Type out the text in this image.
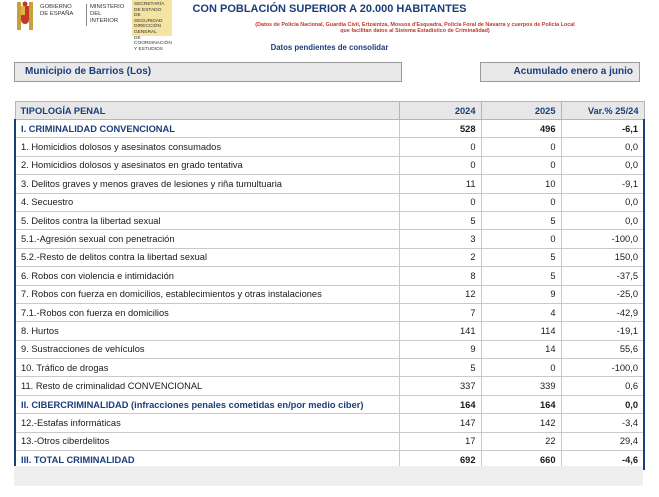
GOBIERNO
DE ESPAÑA
MINISTERIO
DEL INTERIOR
SECRETARÍA
DE ESTADO
DE SEGURIDAD
DIRECCIÓN GENERAL
DE COORDINACIÓN
Y ESTUDIOS
CON POBLACIÓN SUPERIOR A 20.000 HABITANTES
(Datos de Policía Nacional, Guardia Civil, Ertzaintza, Mossos d'Esquadra, Policía Foral de Navarra y cuerpos de Policía Local
que facilitan datos al Sistema Estadístico de Criminalidad)
Datos pendientes de consolidar
Municipio de Barrios (Los)	Acumulado enero a junio
TIPOLOGÍA PENAL	2024	2025	Var.% 25/24
I. CRIMINALIDAD CONVENCIONAL	528	496	-6,1
1. Homicidios dolosos y asesinatos consumados	0	0	0,0
2. Homicidios dolosos y asesinatos en grado tentativa	0	0	0,0
3. Delitos graves y menos graves de lesiones y riña tumultuaria	11	10	-9,1
4. Secuestro	0	0	0,0
5. Delitos contra la libertad sexual	5	5	0,0
5.1.-Agresión sexual con penetración	3	0	-100,0
5.2.-Resto de delitos contra la libertad sexual	2	5	150,0
6. Robos con violencia e intimidación	8	5	-37,5
7. Robos con fuerza en domicilios, establecimientos y otras instalaciones	12	9	-25,0
7.1.-Robos con fuerza en domicilios	7	4	-42,9
8. Hurtos	141	114	-19,1
9. Sustracciones de vehículos	9	14	55,6
10. Tráfico de drogas	5	0	-100,0
11. Resto de criminalidad CONVENCIONAL	337	339	0,6
II. CIBERCRIMINALIDAD (infracciones penales cometidas en/por medio ciber)	164	164	0,0
12.-Estafas informáticas	147	142	-3,4
13.-Otros ciberdelitos	17	22	29,4
III. TOTAL CRIMINALIDAD	692	660	-4,6
